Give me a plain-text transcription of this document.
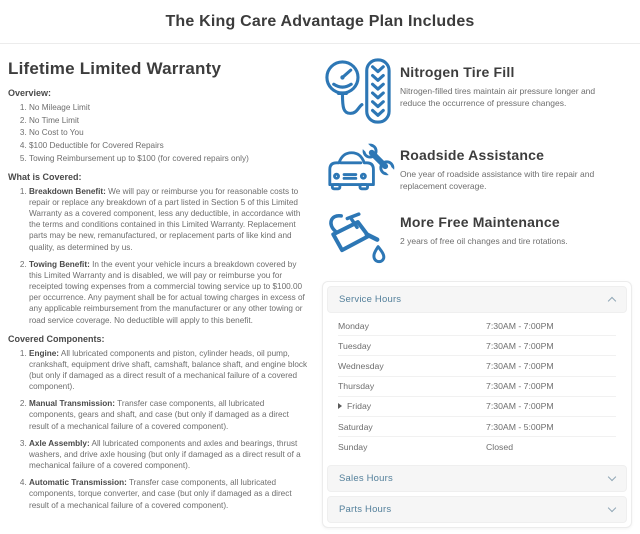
The King Care Advantage Plan Includes
Lifetime Limited Warranty
Overview:
1. No Mileage Limit
2. No Time Limit
3. No Cost to You
4. $100 Deductible for Covered Repairs
5. Towing Reimbursement up to $100 (for covered repairs only)
What is Covered:
1. Breakdown Benefit: We will pay or reimburse you for reasonable costs to repair or replace any breakdown of a part listed in Section 5 of this Limited Warranty as a covered component, less any deductible, in accordance with the terms and conditions contained in this Limited Warranty. Replacement parts may be new, remanufactured, or replacement parts of like kind and quality, as determined by us.
2. Towing Benefit: In the event your vehicle incurs a breakdown covered by this Limited Warranty and is disabled, we will pay or reimburse you for receipted towing expenses from a commercial towing service up to $100.00 per occurrence. Any payment shall be for actual towing charges in excess of any applicable reimbursement from the manufacturer or any other towing or road service coverage. No deductible will apply to this benefit.
Covered Components:
1. Engine: All lubricated components and piston, cylinder heads, oil pump, crankshaft, equipment drive shaft, camshaft, balance shaft, and engine block (but only if damaged as a direct result of a mechanical failure of a covered component).
2. Manual Transmission: Transfer case components, all lubricated components, gears and shaft, and case (but only if damaged as a direct result of a mechanical failure of a covered component).
3. Axle Assembly: All lubricated components and axles and bearings, thrust washers, and drive axle housing (but only if damaged as a direct result of a mechanical failure of a covered component).
4. Automatic Transmission: Transfer case components, all lubricated components, torque converter, and case (but only if damaged as a direct result of a mechanical failure of a covered component).
Nitrogen Tire Fill
Nitrogen-filled tires maintain air pressure longer and reduce the occurrence of pressure changes.
Roadside Assistance
One year of roadside assistance with tire repair and replacement coverage.
More Free Maintenance
2 years of free oil changes and tire rotations.
Service Hours
Monday	7:30AM - 7:00PM
Tuesday	7:30AM - 7:00PM
Wednesday	7:30AM - 7:00PM
Thursday	7:30AM - 7:00PM
Friday	7:30AM - 7:00PM
Saturday	7:30AM - 5:00PM
Sunday	Closed
Sales Hours
Parts Hours
